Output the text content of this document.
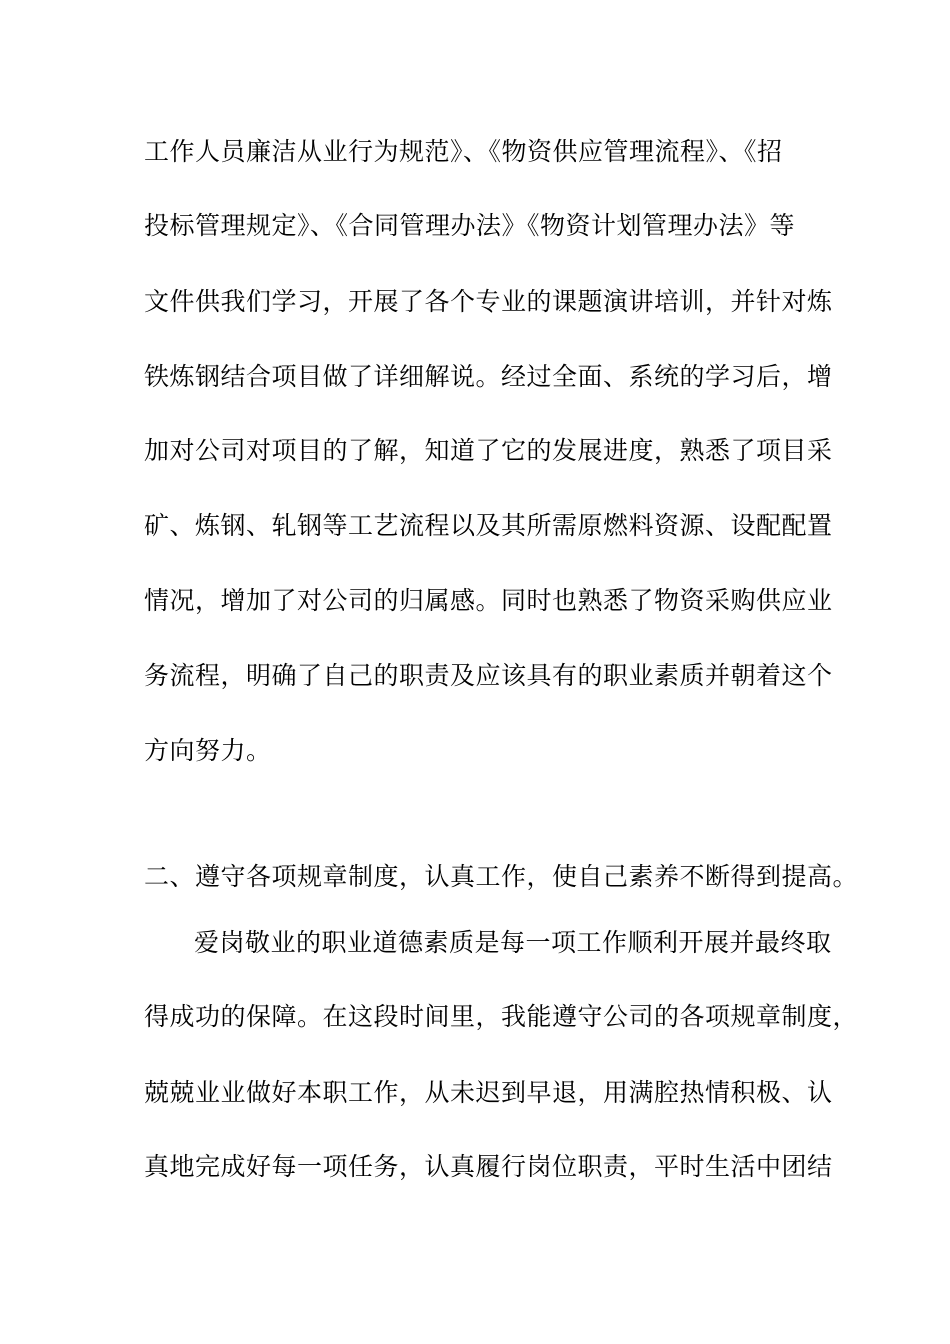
工作人员廉洁从业行为规范》、《物资供应管理流程》、《招
投标管理规定》、《合同管理办法》《物资计划管理办法》等
文件供我们学习，开展了各个专业的课题演讲培训，并针对炼
铁炼钢结合项目做了详细解说。经过全面、系统的学习后，增
加对公司对项目的了解，知道了它的发展进度，熟悉了项目采
矿、炼钢、轧钢等工艺流程以及其所需原燃料资源、设配配置
情况，增加了对公司的归属感。同时也熟悉了物资采购供应业
务流程，明确了自己的职责及应该具有的职业素质并朝着这个
方向努力。
二、遵守各项规章制度，认真工作，使自己素养不断得到提高。
爱岗敬业的职业道德素质是每一项工作顺利开展并最终取
得成功的保障。在这段时间里，我能遵守公司的各项规章制度，
兢兢业业做好本职工作，从未迟到早退，用满腔热情积极、认
真地完成好每一项任务，认真履行岗位职责，平时生活中团结
